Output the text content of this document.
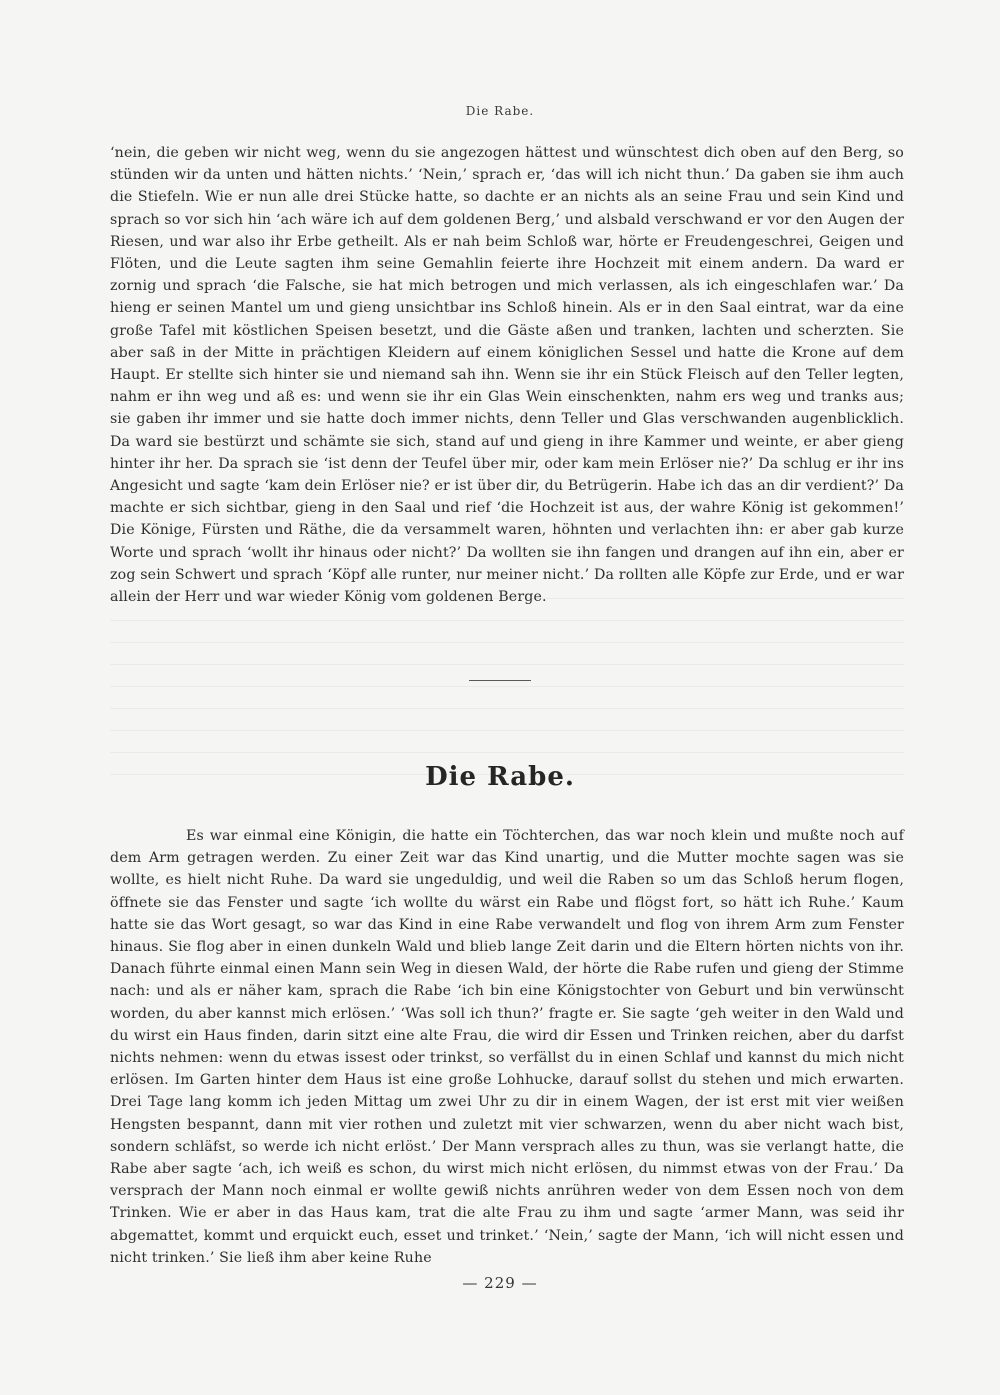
Die Rabe.

‘nein, die geben wir nicht weg, wenn du sie angezogen hättest und wünschtest dich oben auf den Berg, so stünden wir da unten und hätten nichts.’ ‘Nein,’ sprach er, ‘das will ich nicht thun.’ Da gaben sie ihm auch die Stiefeln. Wie er nun alle drei Stücke hatte, so dachte er an nichts als an seine Frau und sein Kind und sprach so vor sich hin ‘ach wäre ich auf dem goldenen Berg,’ und alsbald verschwand er vor den Augen der Riesen, und war also ihr Erbe getheilt. Als er nah beim Schloß war, hörte er Freudengeschrei, Geigen und Flöten, und die Leute sagten ihm seine Gemahlin feierte ihre Hochzeit mit einem andern. Da ward er zornig und sprach ‘die Falsche, sie hat mich betrogen und mich verlassen, als ich eingeschlafen war.’ Da hieng er seinen Mantel um und gieng unsichtbar ins Schloß hinein. Als er in den Saal eintrat, war da eine große Tafel mit köstlichen Speisen besetzt, und die Gäste aßen und tranken, lachten und scherzten. Sie aber saß in der Mitte in prächtigen Kleidern auf einem königlichen Sessel und hatte die Krone auf dem Haupt. Er stellte sich hinter sie und niemand sah ihn. Wenn sie ihr ein Stück Fleisch auf den Teller legten, nahm er ihn weg und aß es: und wenn sie ihr ein Glas Wein einschenkten, nahm ers weg und tranks aus; sie gaben ihr immer und sie hatte doch immer nichts, denn Teller und Glas verschwanden augenblicklich. Da ward sie bestürzt und schämte sie sich, stand auf und gieng in ihre Kammer und weinte, er aber gieng hinter ihr her. Da sprach sie ‘ist denn der Teufel über mir, oder kam mein Erlöser nie?’ Da schlug er ihr ins Angesicht und sagte ‘kam dein Erlöser nie? er ist über dir, du Betrügerin. Habe ich das an dir verdient?’ Da machte er sich sichtbar, gieng in den Saal und rief ‘die Hochzeit ist aus, der wahre König ist gekommen!’ Die Könige, Fürsten und Räthe, die da versammelt waren, höhnten und verlachten ihn: er aber gab kurze Worte und sprach ‘wollt ihr hinaus oder nicht?’ Da wollten sie ihn fangen und drangen auf ihn ein, aber er zog sein Schwert und sprach ‘Köpf alle runter, nur meiner nicht.’ Da rollten alle Köpfe zur Erde, und er war allein der Herr und war wieder König vom goldenen Berge.

Die Rabe.

Es war einmal eine Königin, die hatte ein Töchterchen, das war noch klein und mußte noch auf dem Arm getragen werden. Zu einer Zeit war das Kind unartig, und die Mutter mochte sagen was sie wollte, es hielt nicht Ruhe. Da ward sie ungeduldig, und weil die Raben so um das Schloß herum flogen, öffnete sie das Fenster und sagte ‘ich wollte du wärst ein Rabe und flögst fort, so hätt ich Ruhe.’ Kaum hatte sie das Wort gesagt, so war das Kind in eine Rabe verwandelt und flog von ihrem Arm zum Fenster hinaus. Sie flog aber in einen dunkeln Wald und blieb lange Zeit darin und die Eltern hörten nichts von ihr. Danach führte einmal einen Mann sein Weg in diesen Wald, der hörte die Rabe rufen und gieng der Stimme nach: und als er näher kam, sprach die Rabe ‘ich bin eine Königstochter von Geburt und bin verwünscht worden, du aber kannst mich erlösen.’ ‘Was soll ich thun?’ fragte er. Sie sagte ‘geh weiter in den Wald und du wirst ein Haus finden, darin sitzt eine alte Frau, die wird dir Essen und Trinken reichen, aber du darfst nichts nehmen: wenn du etwas issest oder trinkst, so verfällst du in einen Schlaf und kannst du mich nicht erlösen. Im Garten hinter dem Haus ist eine große Lohhucke, darauf sollst du stehen und mich erwarten. Drei Tage lang komm ich jeden Mittag um zwei Uhr zu dir in einem Wagen, der ist erst mit vier weißen Hengsten bespannt, dann mit vier rothen und zuletzt mit vier schwarzen, wenn du aber nicht wach bist, sondern schläfst, so werde ich nicht erlöst.’ Der Mann versprach alles zu thun, was sie verlangt hatte, die Rabe aber sagte ‘ach, ich weiß es schon, du wirst mich nicht erlösen, du nimmst etwas von der Frau.’ Da versprach der Mann noch einmal er wollte gewiß nichts anrühren weder von dem Essen noch von dem Trinken. Wie er aber in das Haus kam, trat die alte Frau zu ihm und sagte ‘armer Mann, was seid ihr abgemattet, kommt und erquickt euch, esset und trinket.’ ‘Nein,’ sagte der Mann, ‘ich will nicht essen und nicht trinken.’ Sie ließ ihm aber keine Ruhe

— 229 —
